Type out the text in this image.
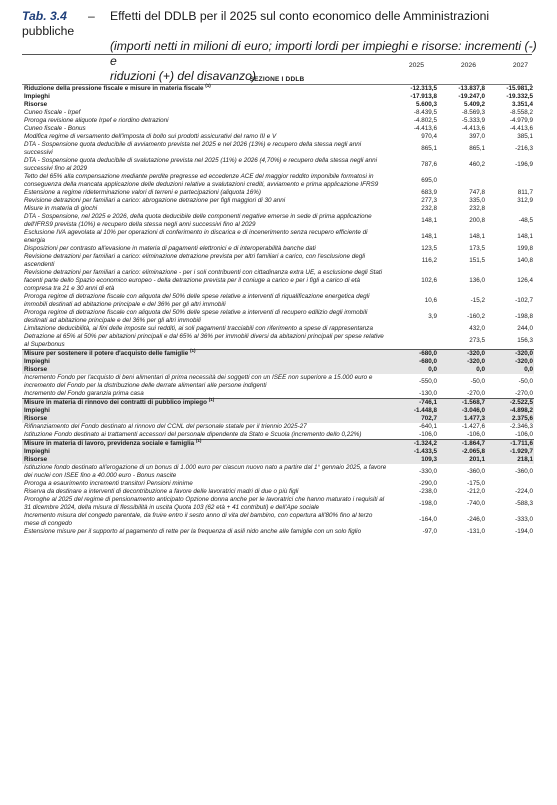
Tab. 3.4 – Effetti del DDLB per il 2025 sul conto economico delle Amministrazioni pubbliche
(importi netti in milioni di euro; importi lordi per impieghi e risorse: incrementi (-) e
riduzioni (+) del disavanzo)
SEZIONE I DDLB
2025	2026	2027
Riduzione della pressione fiscale e misure in materia fiscale $^{(1)}$	-12.313,5	-13.837,8	-15.981,2
Impieghi	-17.913,8	-19.247,0	-19.332,5
Risorse	5.600,3	5.409,2	3.351,4
Cuneo fiscale - Irpef	-8.439,5	-8.569,3	-8.558,2
Proroga revisione aliquote Irpef e riordino detrazioni	-4.802,5	-5.333,9	-4.979,9
Cuneo fiscale - Bonus	-4.413,6	-4.413,6	-4.413,6
Modifica regime di versamento dell'imposta di bollo sui prodotti assicurativi del ramo III e V	970,4	397,0	385,1
DTA - Sospensione quota deducibile di avviamento prevista nel 2025 e nel 2026 (13%) e recupero della stessa negli anni successivi	865,1	865,1	-216,3
DTA - Sospensione quota deducibile di svalutazione prevista nel 2025 (11%) e 2026 (4,70%) e recupero della stessa negli anni successivi fino al 2029	787,6	460,2	-196,9
Tetto del 65% alla compensazione mediante perdite pregresse ed eccedenze ACE del maggior reddito imponibile formatosi in conseguenza della mancata applicazione delle deduzioni relative a svalutazioni crediti, avviamento e prima applicazione IFRS9	695,0		
Estensione a regime rideterminazione valori di terreni e partecipazioni (aliquota 16%)	683,9	747,8	811,7
Revisione detrazioni per familiari a carico: abrogazione detrazione per figli maggiori di 30 anni	277,3	335,0	312,9
Misure in materia di giochi	232,8	232,8	
DTA - Sospensione, nel 2025 e 2026, della quota deducibile delle componenti negative emerse in sede di prima applicazione dell'IFRS9 prevista (10%) e recupero della stessa negli anni successivi fino al 2029	148,1	200,8	-48,5
Esclusione IVA agevolata al 10% per operazioni di conferimento in discarica e di incenerimento senza recupero efficiente di energia	148,1	148,1	148,1
Disposizioni per contrasto all'evasione in materia di pagamenti elettronici e di interoperabilità banche dati	123,5	173,5	199,8
Revisione detrazioni per familiari a carico: eliminazione detrazione prevista per altri familiari a carico, con l'esclusione degli ascendenti	116,2	151,5	140,8
Revisione detrazioni per familiari a carico: eliminazione - per i soli contribuenti con cittadinanza extra UE, a esclusione degli Stati facenti parte dello Spazio economico europeo - della detrazione prevista per il coniuge a carico e per i figli a carico di età compresa tra 21 e 30 anni di età	102,6	136,0	126,4
Proroga regime di detrazione fiscale con aliquota del 50% delle spese relative a interventi di riqualificazione energetica degli immobili destinati ad abitazione principale e del 36% per gli altri immobili	10,6	-15,2	-102,7
Proroga regime di detrazione fiscale con aliquota del 50% delle spese relative a interventi di recupero edilizio degli immobili destinati ad abitazione principale e del 36% per gli altri immobili	3,9	-160,2	-198,8
Limitazione deducibilità, ai fini delle imposte sui redditi, ai soli pagamenti tracciabili con riferimento a spese di rappresentanza		432,0	244,0
Detrazione al 65% al 50% per abitazioni principali e dal 65% al 36% per immobili diversi da abitazioni principali per spese relative al Superbonus		273,5	156,3
Misure per sostenere il potere d'acquisto delle famiglie $^{(1)}$	-680,0	-320,0	-320,0
Impieghi	-680,0	-320,0	-320,0
Risorse	0,0	0,0	0,0
Incremento Fondo per l'acquisto di beni alimentari di prima necessità dei soggetti con un ISEE non superiore a 15.000 euro e incremento del Fondo per la distribuzione delle derrate alimentari alle persone indigenti	-550,0	-50,0	-50,0
Incremento del Fondo garanzia prima casa	-130,0	-270,0	-270,0
Misure in materia di rinnovo dei contratti di pubblico impiego $^{(1)}$	-746,1	-1.568,7	-2.522,5
Impieghi	-1.448,8	-3.046,0	-4.898,2
Risorse	702,7	1.477,3	2.375,6
Rifinanziamento del Fondo destinato al rinnovo del CCNL del personale statale per il triennio 2025-27	-640,1	-1.427,6	-2.346,3
Istituzione Fondo destinato ai trattamenti accessori del personale dipendente da Stato e Scuola (incremento dello 0,22%)	-106,0	-106,0	-106,0
Misure in materia di lavoro, previdenza sociale e famiglia $^{(1)}$	-1.324,2	-1.864,7	-1.711,6
Impieghi	-1.433,5	-2.065,8	-1.929,7
Risorse	109,3	201,1	218,1
Istituzione fondo destinato all'erogazione di un bonus di 1.000 euro per ciascun nuovo nato a partire dal 1° gennaio 2025, a favore dei nuclei con ISEE fino a 40.000 euro - Bonus nascite	-330,0	-360,0	-360,0
Proroga a esaurimento incrementi transitori Pensioni minime	-290,0	-175,0	
Riserva da destinare a interventi di decontribuzione a favore delle lavoratrici madri di due o più figli	-238,0	-212,0	-224,0
Proroghe al 2025 del regime di pensionamento anticipato Opzione donna anche per le lavoratrici che hanno maturato i requisiti al 31 dicembre 2024, della misura di flessibilità in uscita Quota 103 (62 età + 41 contributi) e dell'Ape sociale	-198,0	-740,0	-588,3
Incremento misura del congedo parentale, da fruire entro il sesto anno di vita del bambino, con copertura all'80% fino al terzo mese di congedo	-164,0	-246,0	-333,0
Estensione misure per il supporto al pagamento di rette per la frequenza di asili nido anche alle famiglie con un solo figlio	-97,0	-131,0	-194,0
